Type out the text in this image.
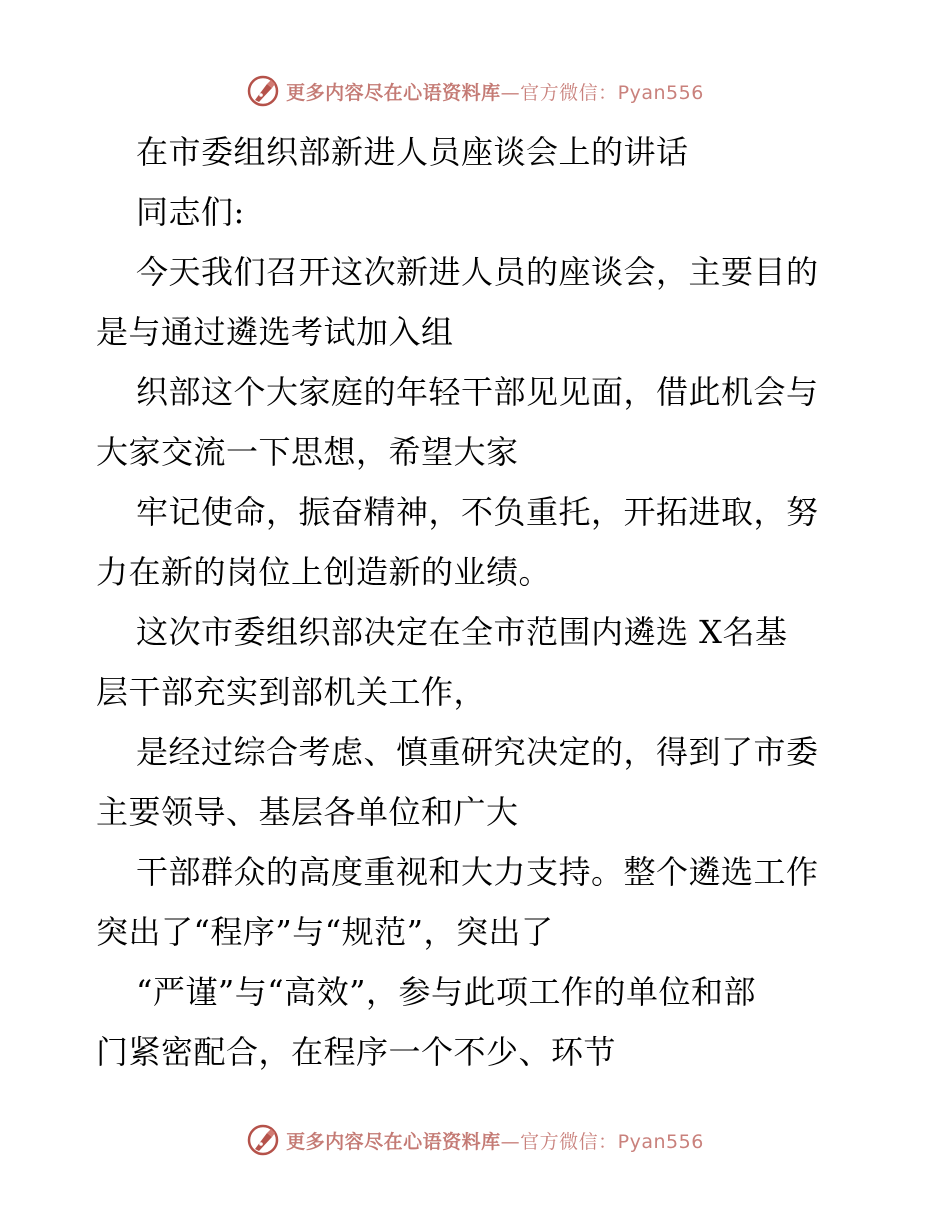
更多内容尽在心语资料库—官方微信：Pyan556
在市委组织部新进人员座谈会上的讲话
同志们:
今天我们召开这次新进人员的座谈会，主要目的
是与通过遴选考试加入组
织部这个大家庭的年轻干部见见面，借此机会与
大家交流一下思想，希望大家
牢记使命，振奋精神，不负重托，开拓进取，努
力在新的岗位上创造新的业绩。
这次市委组织部决定在全市范围内遴选 X名基
层干部充实到部机关工作，
是经过综合考虑、慎重研究决定的，得到了市委
主要领导、基层各单位和广大
干部群众的高度重视和大力支持。整个遴选工作
突出了“程序”与“规范”，突出了
“严谨”与“高效”，参与此项工作的单位和部
门紧密配合，在程序一个不少、环节
更多内容尽在心语资料库—官方微信：Pyan556
